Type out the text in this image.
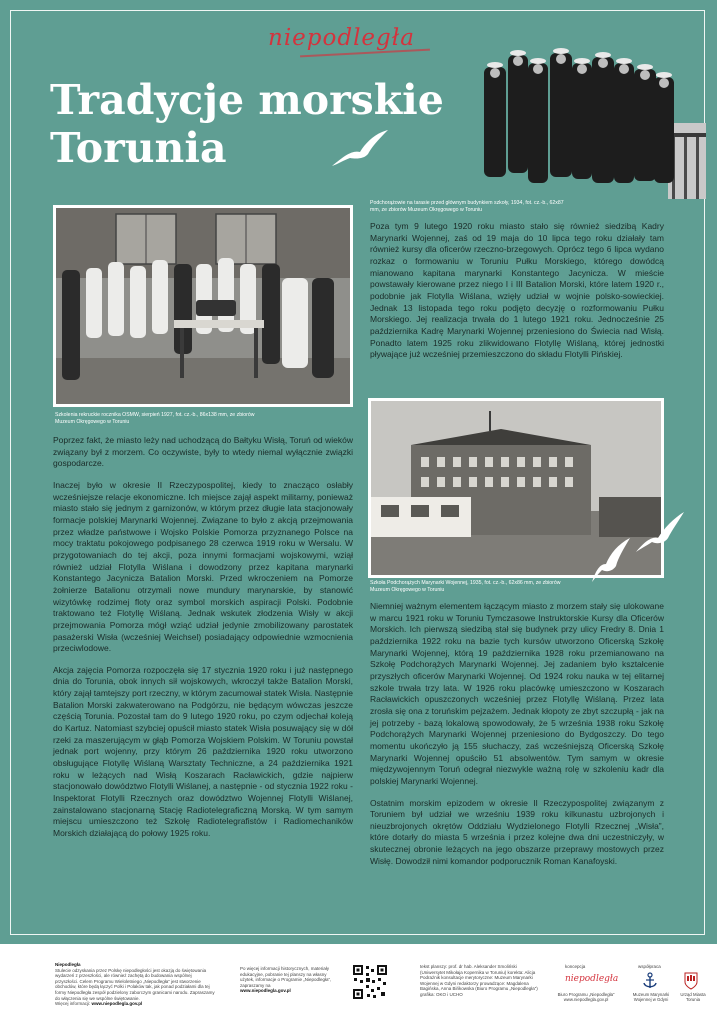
niepodległa
Tradycje morskie
Torunia
Podchorążowie na tarasie przed głównym budynkiem szkoły, 1934, fot. cz.-b., 62x87 mm, ze zbiorów Muzeum Okręgowego w Toruniu
Szkolenia rekruckie rocznika OSMW, sierpień 1927, fot. cz.-b., 86x138 mm, ze zbiorów Muzeum Okręgowego w Toruniu
Szkoła Podchorążych Marynarki Wojennej, 1935, fot. cz.-b., 62x86 mm, ze zbiorów Muzeum Okręgowego w Toruniu

Poza tym 9 lutego 1920 roku miasto stało się również siedzibą Kadry Marynarki Wojennej, zaś od 19 maja do 10 lipca tego roku działały tam również kursy dla oficerów rzeczno-brzegowych. Oprócz tego 6 lipca wydano rozkaz o formowaniu w Toruniu Pułku Morskiego, którego dowódcą mianowano kapitana marynarki Konstantego Jacynicza. W mieście powstawały kierowane przez niego I i III Batalion Morski, które latem 1920 r., podobnie jak Flotylla Wiślana, wzięły udział w wojnie polsko-sowieckiej. Jednak 13 listopada tego roku podjęto decyzję o rozformowaniu Pułku Morskiego. Jej realizacja trwała do 1 lutego 1921 roku. Jednocześnie 25 października Kadrę Marynarki Wojennej przeniesiono do Świecia nad Wisłą. Ponadto latem 1925 roku zlikwidowano Flotyllę Wiślaną, której jednostki pływające już wcześniej przemieszczono do składu Flotylli Pińskiej.

Poprzez fakt, że miasto leży nad uchodzącą do Bałtyku Wisłą, Toruń od wieków związany był z morzem. Co oczywiste, były to wtedy niemal wyłącznie związki gospodarcze.

Inaczej było w okresie II Rzeczypospolitej, kiedy to znacząco osłabły wcześniejsze relacje ekonomiczne. Ich miejsce zajął aspekt militarny, ponieważ miasto stało się jednym z garnizonów, w którym przez długie lata stacjonowały formacje polskiej Marynarki Wojennej. Związane to było z akcją przejmowania przez władze państwowe i Wojsko Polskie Pomorza przyznanego Polsce na mocy traktatu pokojowego podpisanego 28 czerwca 1919 roku w Wersalu. W przygotowaniach do tej akcji, poza innymi formacjami wojskowymi, wziął również udział Flotylla Wiślana i dowodzony przez kapitana marynarki Konstantego Jacynicza Batalion Morski. Przed wkroczeniem na Pomorze żołnierze Batalionu otrzymali nowe mundury marynarskie, by stanowić wizytówkę rodzimej floty oraz symbol morskich aspiracji Polski. Podobnie traktowano też Flotyllę Wiślaną. Jednak wskutek złodzenia Wisły w akcji przejmowania Pomorza mógł wziąć udział jedynie zmobilizowany parostatek pasażerski Wisła (wcześniej Weichsel) posiadający odpowiednie wzmocnienia przeciwlodowe.

Akcja zajęcia Pomorza rozpoczęła się 17 stycznia 1920 roku i już następnego dnia do Torunia, obok innych sił wojskowych, wkroczył także Batalion Morski, który zajął tamtejszy port rzeczny, w którym zacumował statek Wisła. Następnie Batalion Morski zakwaterowano na Podgórzu, nie będącym wówczas jeszcze częścią Torunia. Pozostał tam do 9 lutego 1920 roku, po czym odjechał koleją do Kartuz. Natomiast szybciej opuścił miasto statek Wisła posuwający się w dół rzeki za maszerującym w głąb Pomorza Wojskiem Polskim. W Toruniu powstał jednak port wojenny, przy którym 26 października 1920 roku utworzono obsługujące Flotyllę Wiślaną Warsztaty Techniczne, a 24 października 1921 roku w leżących nad Wisłą Koszarach Racławickich, gdzie najpierw stacjonowało dowództwo Flotylli Wiślanej, a następnie - od stycznia 1922 roku - Inspektorat Flotylli Rzecznych oraz dowództwo Wojennej Flotylli Wiślanej, zainstalowano stacjonarną Stację Radiotelegraficzną Morską. W tym samym miejscu umieszczono też Szkołę Radiotelegrafistów i Radiomechaników Morskich działającą do połowy 1925 roku.

Niemniej ważnym elementem łączącym miasto z morzem stały się ulokowane w marcu 1921 roku w Toruniu Tymczasowe Instruktorskie Kursy dla Oficerów Morskich. Ich pierwszą siedzibą stał się budynek przy ulicy Fredry 8. Dnia 1 października 1922 roku na bazie tych kursów utworzono Oficerską Szkołę Marynarki Wojennej, którą 19 października 1928 roku przemianowano na Szkołę Podchorążych Marynarki Wojennej. Jej zadaniem było kształcenie przyszłych oficerów Marynarki Wojennej. Od 1924 roku nauka w tej elitarnej szkole trwała trzy lata. W 1926 roku placówkę umieszczono w Koszarach Racławickich opuszczonych wcześniej przez Flotyllę Wiślaną. Przez lata zrosła się ona z toruńskim pejzażem. Jednak kłopoty ze zbyt szczupłą - jak na jej potrzeby - bazą lokalową spowodowały, że 5 września 1938 roku Szkołę Podchorążych Marynarki Wojennej przeniesiono do Bydgoszczy. Do tego momentu ukończyło ją 155 słuchaczy, zaś wcześniejszą Oficerską Szkołę Marynarki Wojennej opuściło 51 absolwentów. Tym samym w okresie międzywojennym Toruń odegrał niezwykle ważną rolę w szkoleniu kadr dla polskiej Marynarki Wojennej.

Ostatnim morskim epizodem w okresie II Rzeczypospolitej związanym z Toruniem był udział we wrześniu 1939 roku kilkunastu uzbrojonych i nieuzbrojonych okrętów Oddziału Wydzielonego Flotylli Rzecznej „Wisła”, które dotarły do miasta 5 września i przez kolejne dwa dni uczestniczyły, w skutecznej obronie leżących na jego obszarze przeprawy mostowych przez Wisłę. Dowodził nimi komandor podporucznik Roman Kanafoyski.

Niepodległa
Stulecie odzyskania przez Polskę niepodległości jest okazją do świętowania wydarzeń z przeszłości, ale również zachętą do budowania wspólnej przyszłości. Celem Programu Wieloletniego „Niepodległa” jest stworzenie obchodów, które będą łączyć Polki i Polaków tak, jak ponad podziałami dla tej formy Niepodległa zespół podzielony zaborczym granicami narodu. Zapraszamy do włączenia się we wspólne świętowanie.
Więcej informacji: www.niepodlegla.gov.pl
Po więcej informacji historycznych, materiały edukacyjne, pobranie tej planszy na własny użytek, informacje o Programie „Niepodległa”, zapraszamy na
www.niepodlegla.gov.pl
tekst planszy: prof. dr hab. Aleksander Smoliński (Uniwersytet Mikołaja Kopernika w Toruniu) korekta: Alicja Podrażnik konsultacje merytoryczne: Muzeum Marynarki Wojennej w Gdyni redaktorzy prowadzące: Magdalena Bagińska, Anna Bińkowska (Biuro Programu „Niepodległa”) grafika: OKO i UCHO
koncepcja
niepodległa
Biuro Programu „Niepodległa”
www.niepodlegla.gov.pl
współpraca
Muzeum Marynarki Wojennej w Gdyni
Urząd Miasta Torunia
